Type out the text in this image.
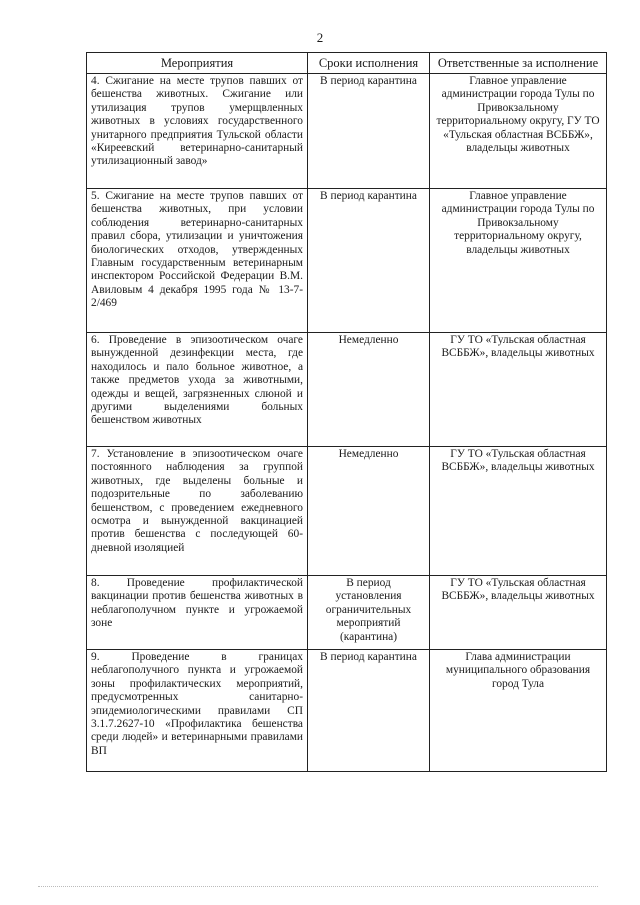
2
Мероприятия	Сроки исполнения	Ответственные за исполнение
4. Сжигание на месте трупов павших от бешенства животных. Сжигание или утилизация трупов умерщвленных животных в условиях государственного унитарного предприятия Тульской области «Киреевский ветеринарно-санитарный утилизационный завод»	В период карантина	Главное управление администрации города Тулы по Привокзальному территориальному округу, ГУ ТО «Тульская областная ВСББЖ», владельцы животных
5. Сжигание на месте трупов павших от бешенства животных, при условии соблюдения ветеринарно-санитарных правил сбора, утилизации и уничтожения биологических отходов, утвержденных Главным государственным ветеринарным инспектором Российской Федерации В.М. Авиловым 4 декабря 1995 года № 13-7-2/469	В период карантина	Главное управление администрации города Тулы по Привокзальному территориальному округу, владельцы животных
6. Проведение в эпизоотическом очаге вынужденной дезинфекции места, где находилось и пало больное животное, а также предметов ухода за животными, одежды и вещей, загрязненных слюной и другими выделениями больных бешенством животных	Немедленно	ГУ ТО «Тульская областная ВСББЖ», владельцы животных
7. Установление в эпизоотическом очаге постоянного наблюдения за группой животных, где выделены больные и подозрительные по заболеванию бешенством, с проведением ежедневного осмотра и вынужденной вакцинацией против бешенства с последующей 60-дневной изоляцией	Немедленно	ГУ ТО «Тульская областная ВСББЖ», владельцы животных
8. Проведение профилактической вакцинации против бешенства животных в неблагополучном пункте и угрожаемой зоне	В период установления ограничительных мероприятий (карантина)	ГУ ТО «Тульская областная ВСББЖ», владельцы животных
9. Проведение в границах неблагополучного пункта и угрожаемой зоны профилактических мероприятий, предусмотренных санитарно-эпидемиологическими правилами СП 3.1.7.2627-10 «Профилактика бешенства среди людей» и ветеринарными правилами ВП	В период карантина	Глава администрации муниципального образования город Тула
